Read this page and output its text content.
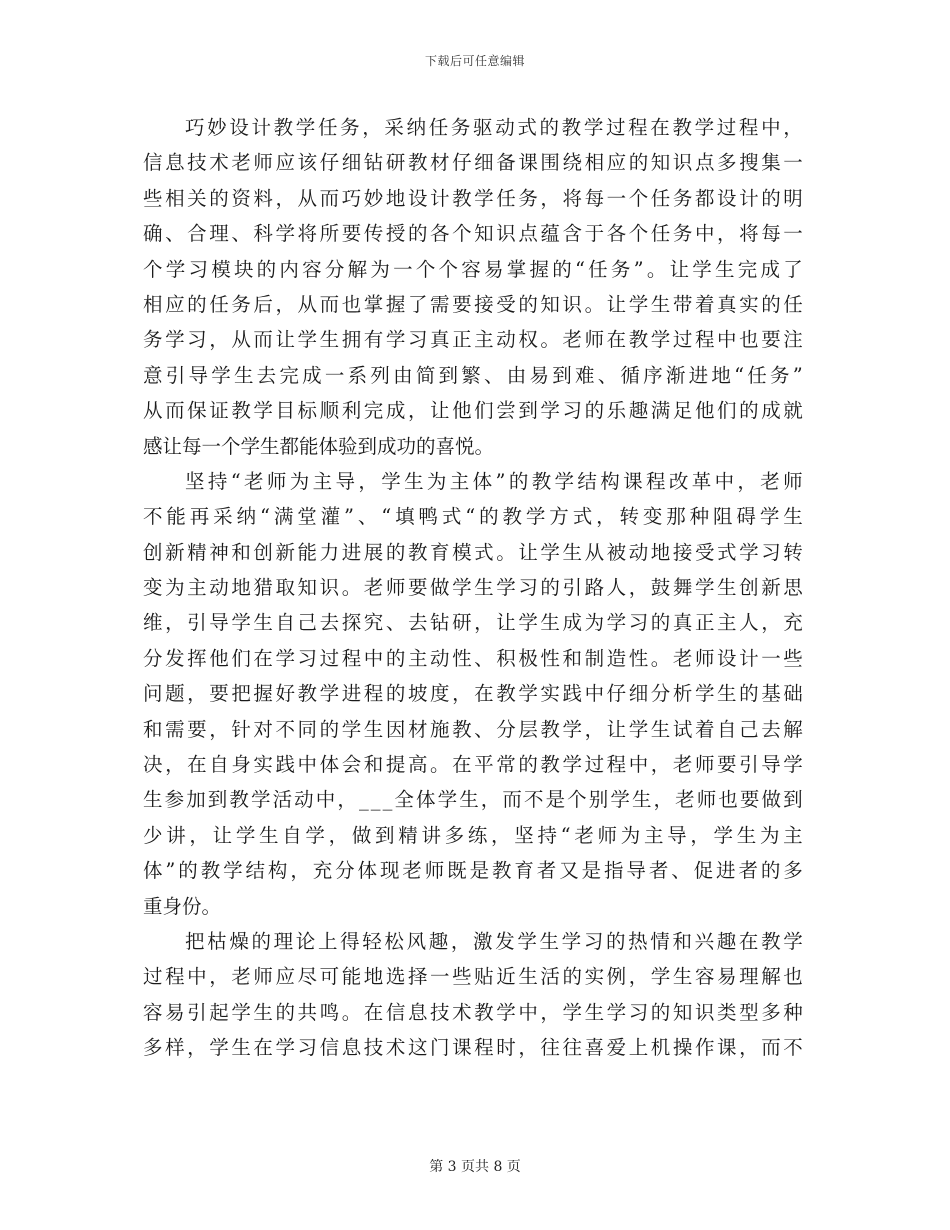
下载后可任意编辑
巧 妙 设 计 教 学 任 务 ， 采 纳 任 务 驱 动 式 的 教 学 过 程 在 教 学 过 程 中 ，
信 息 技 术 老 师 应 该 仔 细 钻 研 教 材 仔 细 备 课 围 绕 相 应 的 知 识 点 多 搜 集 一
些 相 关 的 资 料 ， 从 而 巧 妙 地 设 计 教 学 任 务 ， 将 每 一 个 任 务 都 设 计 的 明
确 、 合 理 、 科 学 将 所 要 传 授 的 各 个 知 识 点 蕴 含 于 各 个 任 务 中 ， 将 每 一
个 学 习 模 块 的 内 容 分 解 为 一 个 个 容 易 掌 握 的 “ 任 务 ” 。 让 学 生 完 成 了
相 应 的 任 务 后 ， 从 而 也 掌 握 了 需 要 接 受 的 知 识 。 让 学 生 带 着 真 实 的 任
务 学 习 ， 从 而 让 学 生 拥 有 学 习 真 正 主 动 权 。 老 师 在 教 学 过 程 中 也 要 注
意 引 导 学 生 去 完 成 一 系 列 由 简 到 繁 、 由 易 到 难 、 循 序 渐 进 地 “ 任 务 ”
从 而 保 证 教 学 目 标 顺 利 完 成 ， 让 他 们 尝 到 学 习 的 乐 趣 满 足 他 们 的 成 就
感让每一个学生都能体验到成功的喜悦。
坚 持 “ 老 师 为 主 导 ， 学 生 为 主 体 ” 的 教 学 结 构 课 程 改 革 中 ， 老 师
不 能 再 采 纳 “ 满 堂 灌 ” 、 “ 填 鸭 式 “ 的 教 学 方 式 ， 转 变 那 种 阻 碍 学 生
创 新 精 神 和 创 新 能 力 进 展 的 教 育 模 式 。 让 学 生 从 被 动 地 接 受 式 学 习 转
变 为 主 动 地 猎 取 知 识 。 老 师 要 做 学 生 学 习 的 引 路 人 ， 鼓 舞 学 生 创 新 思
维 ， 引 导 学 生 自 己 去 探 究 、 去 钻 研 ， 让 学 生 成 为 学 习 的 真 正 主 人 ， 充
分 发 挥 他 们 在 学 习 过 程 中 的 主 动 性 、 积 极 性 和 制 造 性 。 老 师 设 计 一 些
问 题 ， 要 把 握 好 教 学 进 程 的 坡 度 ， 在 教 学 实 践 中 仔 细 分 析 学 生 的 基 础
和 需 要 ， 针 对 不 同 的 学 生 因 材 施 教 、 分 层 教 学 ， 让 学 生 试 着 自 己 去 解
决 ， 在 自 身 实 践 中 体 会 和 提 高 。 在 平 常 的 教 学 过 程 中 ， 老 师 要 引 导 学
生 参 加 到 教 学 活 动 中 ， _ _ _ 全 体 学 生 ， 而 不 是 个 别 学 生 ， 老 师 也 要 做 到
少 讲 ， 让 学 生 自 学 ， 做 到 精 讲 多 练 ， 坚 持 “ 老 师 为 主 导 ， 学 生 为 主
体 ” 的 教 学 结 构 ， 充 分 体 现 老 师 既 是 教 育 者 又 是 指 导 者 、 促 进 者 的 多
重身份。
把 枯 燥 的 理 论 上 得 轻 松 风 趣 ， 激 发 学 生 学 习 的 热 情 和 兴 趣 在 教 学
过 程 中 ， 老 师 应 尽 可 能 地 选 择 一 些 贴 近 生 活 的 实 例 ， 学 生 容 易 理 解 也
容 易 引 起 学 生 的 共 鸣 。 在 信 息 技 术 教 学 中 ， 学 生 学 习 的 知 识 类 型 多 种
多 样 ， 学 生 在 学 习 信 息 技 术 这 门 课 程 时 ， 往 往 喜 爱 上 机 操 作 课 ， 而 不
第 3 页共 8 页
